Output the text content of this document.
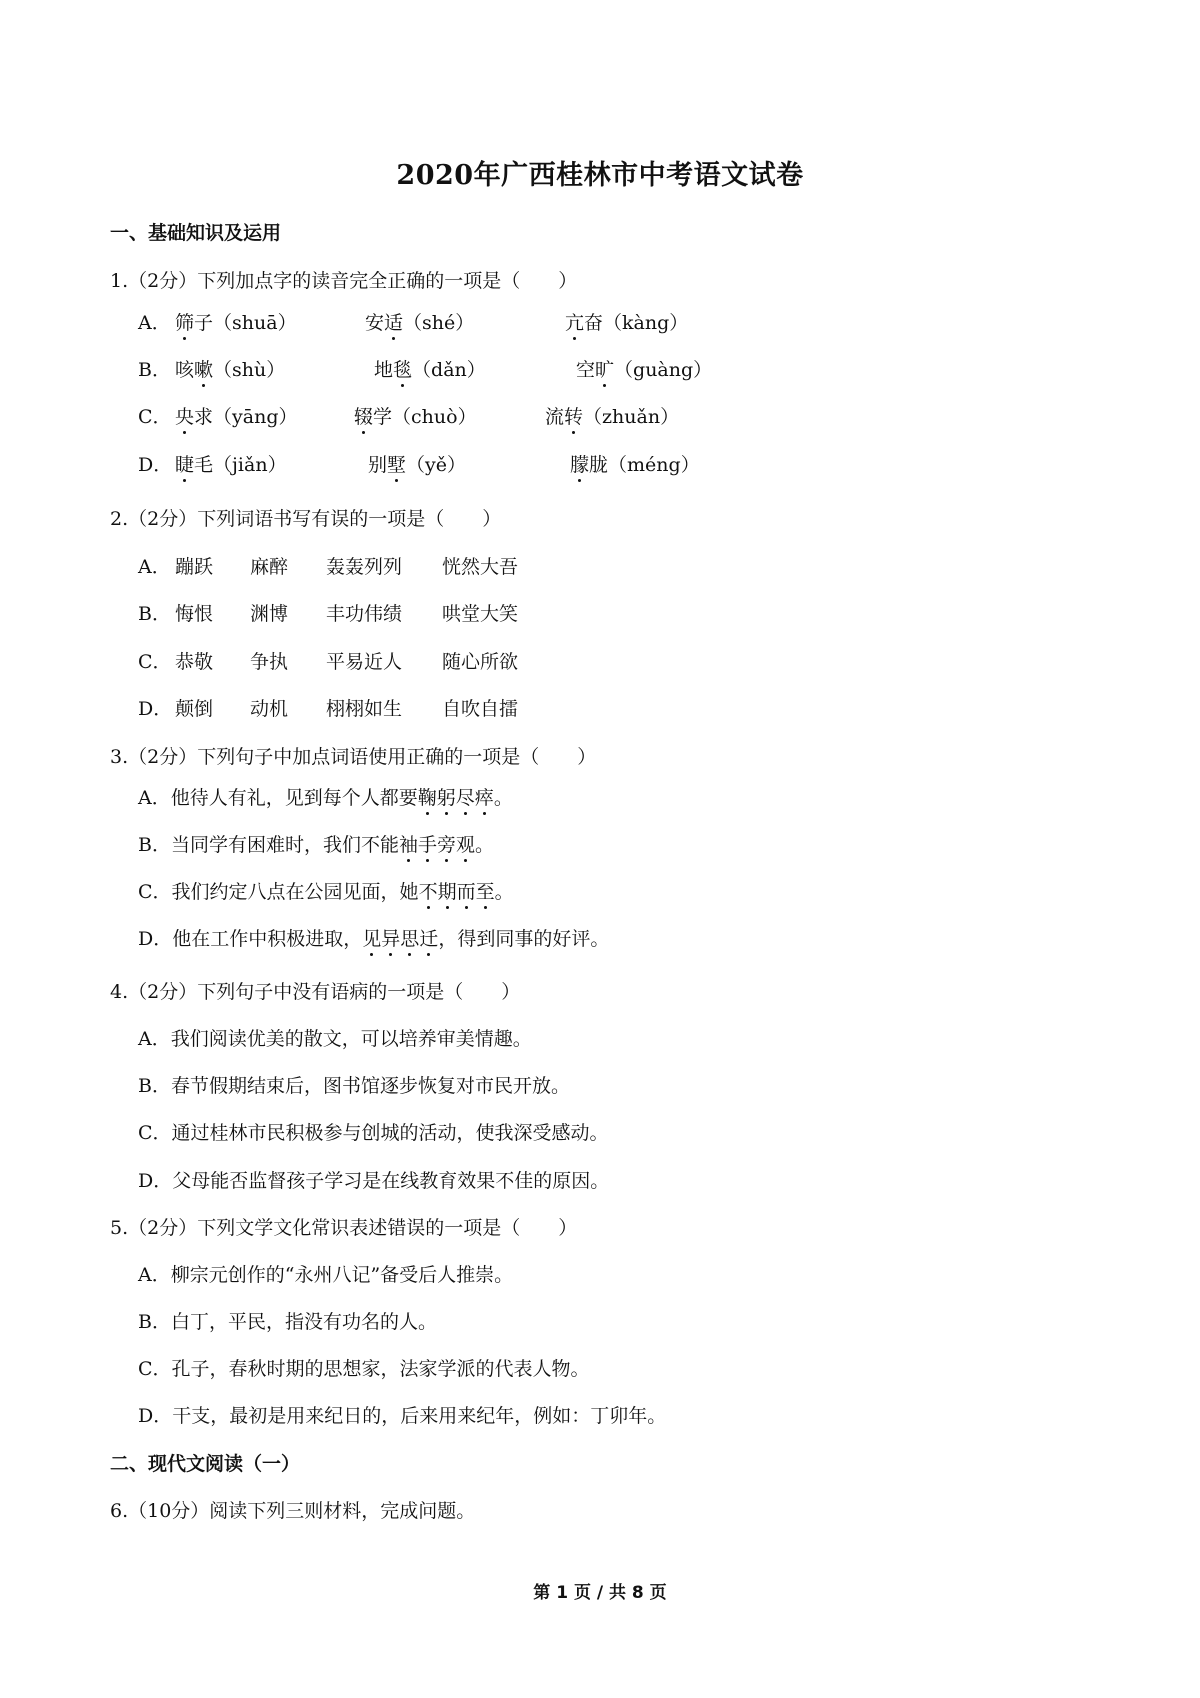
2020年广西桂林市中考语文试卷
一、基础知识及运用
1.（2分）下列加点字的读音完全正确的一项是（　　）
A． 筛子（shuā）	安适（shé）	亢奋（kàng）
B． 咳嗽（shù）	地毯（dǎn）	空旷（guàng）
C． 央求（yāng）	辍学（chuò）	流转（zhuǎn）
D． 睫毛（jiǎn）	别墅（yě）	朦胧（méng）
2.（2分）下列词语书写有误的一项是（　　）
A． 蹦跃 麻醉 轰轰列列 恍然大吾
B． 悔恨 渊博 丰功伟绩 哄堂大笑
C． 恭敬 争执 平易近人 随心所欲
D． 颠倒 动机 栩栩如生 自吹自擂
3.（2分）下列句子中加点词语使用正确的一项是（　　）
A．他待人有礼，见到每个人都要鞠躬尽瘁。
B．当同学有困难时，我们不能袖手旁观。
C．我们约定八点在公园见面，她不期而至。
D．他在工作中积极进取，见异思迁，得到同事的好评。
4.（2分）下列句子中没有语病的一项是（　　）
A．我们阅读优美的散文，可以培养审美情趣。
B．春节假期结束后，图书馆逐步恢复对市民开放。
C．通过桂林市民积极参与创城的活动，使我深受感动。
D．父母能否监督孩子学习是在线教育效果不佳的原因。
5.（2分）下列文学文化常识表述错误的一项是（　　）
A．柳宗元创作的“永州八记”备受后人推崇。
B．白丁，平民，指没有功名的人。
C．孔子，春秋时期的思想家，法家学派的代表人物。
D．干支，最初是用来纪日的，后来用来纪年，例如：丁卯年。
二、现代文阅读（一）
6.（10分）阅读下列三则材料，完成问题。
第 1 页 / 共 8 页
